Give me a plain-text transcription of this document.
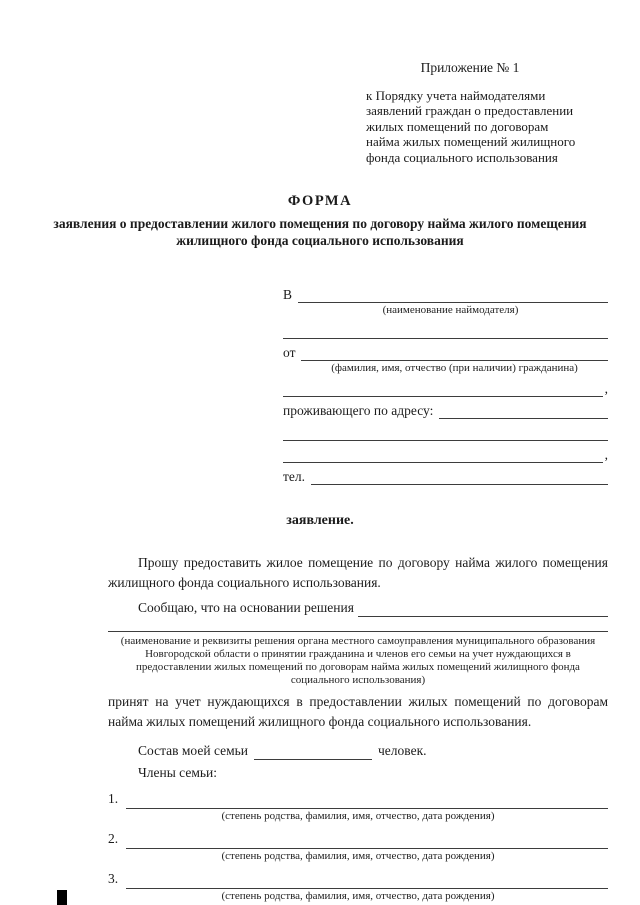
Приложение № 1
к Порядку учета наймодателями
заявлений граждан о предоставлении
жилых помещений по договорам
найма жилых помещений жилищного
фонда социального использования
ФОРМА
заявления о предоставлении жилого помещения по договору найма жилого помещения жилищного фонда социального использования
В
(наименование наймодателя)
от
(фамилия, имя, отчество (при наличии) гражданина)
,
проживающего по адресу:
,
тел.
заявление.

Прошу предоставить жилое помещение по договору найма жилого помещения жилищного фонда социального использования.

Сообщаю, что на основании решения
(наименование и реквизиты решения органа местного самоуправления муниципального образования Новгородской области о принятии гражданина и членов его семьи на учет нуждающихся в предоставлении жилых помещений по договорам найма жилых помещений жилищного фонда социального использования)

принят на учет нуждающихся в предоставлении жилых помещений по договорам найма жилых помещений жилищного фонда социального использования.

Состав моей семьи	человек.
Члены семьи:
1.
(степень родства, фамилия, имя, отчество, дата рождения)
2.
(степень родства, фамилия, имя, отчество, дата рождения)
3.
(степень родства, фамилия, имя, отчество, дата рождения)
